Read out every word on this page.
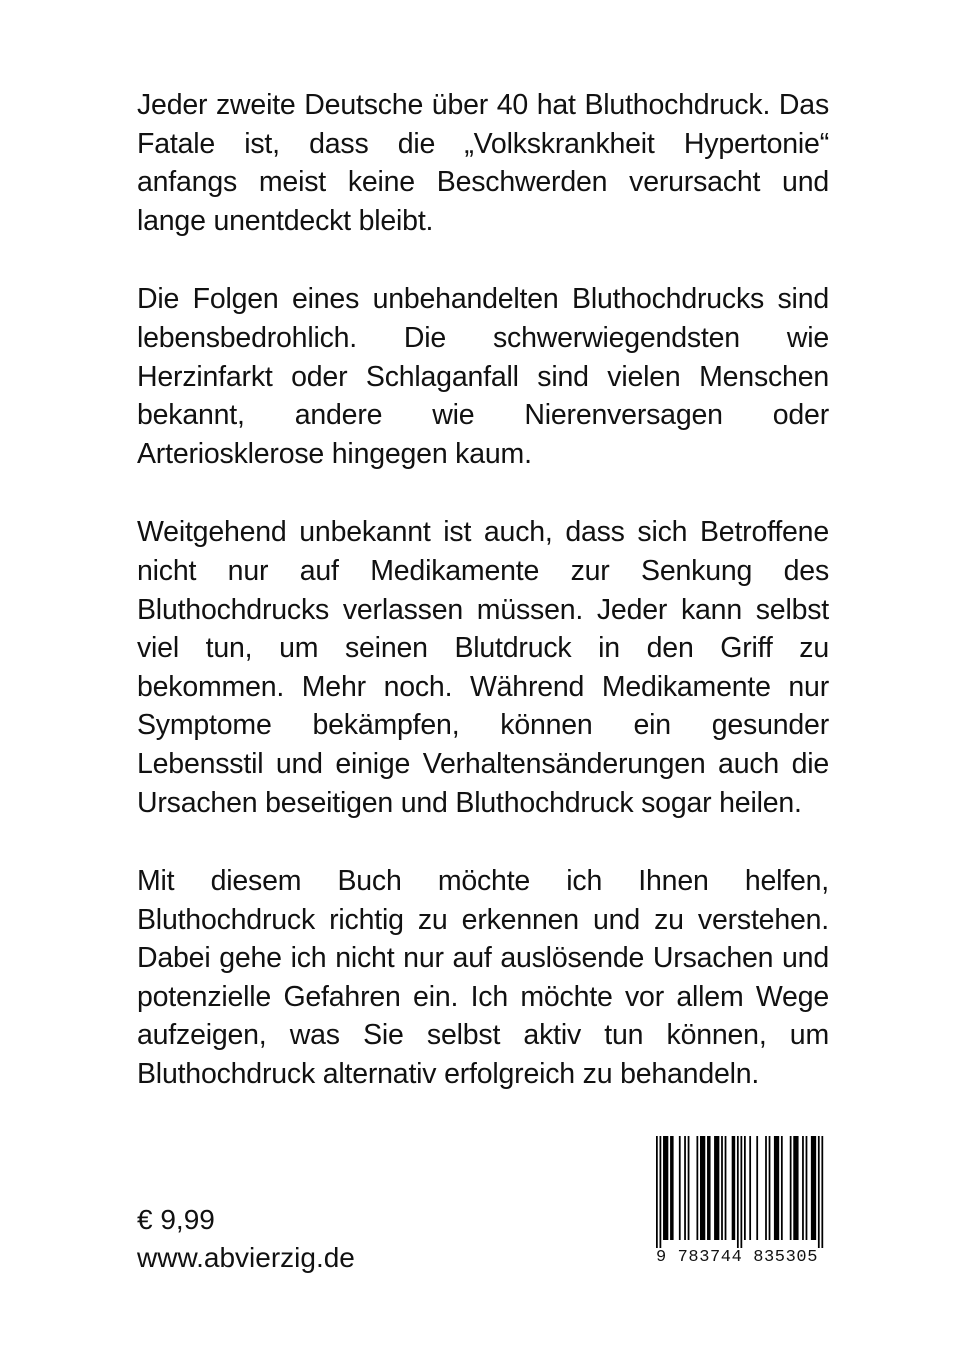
Jeder zweite Deutsche über 40 hat Bluthochdruck. Das Fatale ist, dass die „Volkskrankheit Hypertonie“ anfangs meist keine Beschwerden verursacht und lange unentdeckt bleibt.

Die Folgen eines unbehandelten Bluthochdrucks sind lebensbedrohlich. Die schwerwiegendsten wie Herzinfarkt oder Schlaganfall sind vielen Menschen bekannt, andere wie Nierenversagen oder Arteriosklerose hingegen kaum.

Weitgehend unbekannt ist auch, dass sich Betroffene nicht nur auf Medikamente zur Senkung des Bluthochdrucks verlassen müssen. Jeder kann selbst viel tun, um seinen Blutdruck in den Griff zu bekommen. Mehr noch. Während Medikamente nur Symptome bekämpfen, können ein gesunder Lebensstil und einige Verhaltensänderungen auch die Ursachen beseitigen und Bluthochdruck sogar heilen.

Mit diesem Buch möchte ich Ihnen helfen, Bluthochdruck richtig zu erkennen und zu verstehen. Dabei gehe ich nicht nur auf auslösende Ursachen und potenzielle Gefahren ein. Ich möchte vor allem Wege aufzeigen, was Sie selbst aktiv tun können, um Bluthochdruck alternativ erfolgreich zu behandeln.

€ 9,99
www.abvierzig.de	9 783744 835305
